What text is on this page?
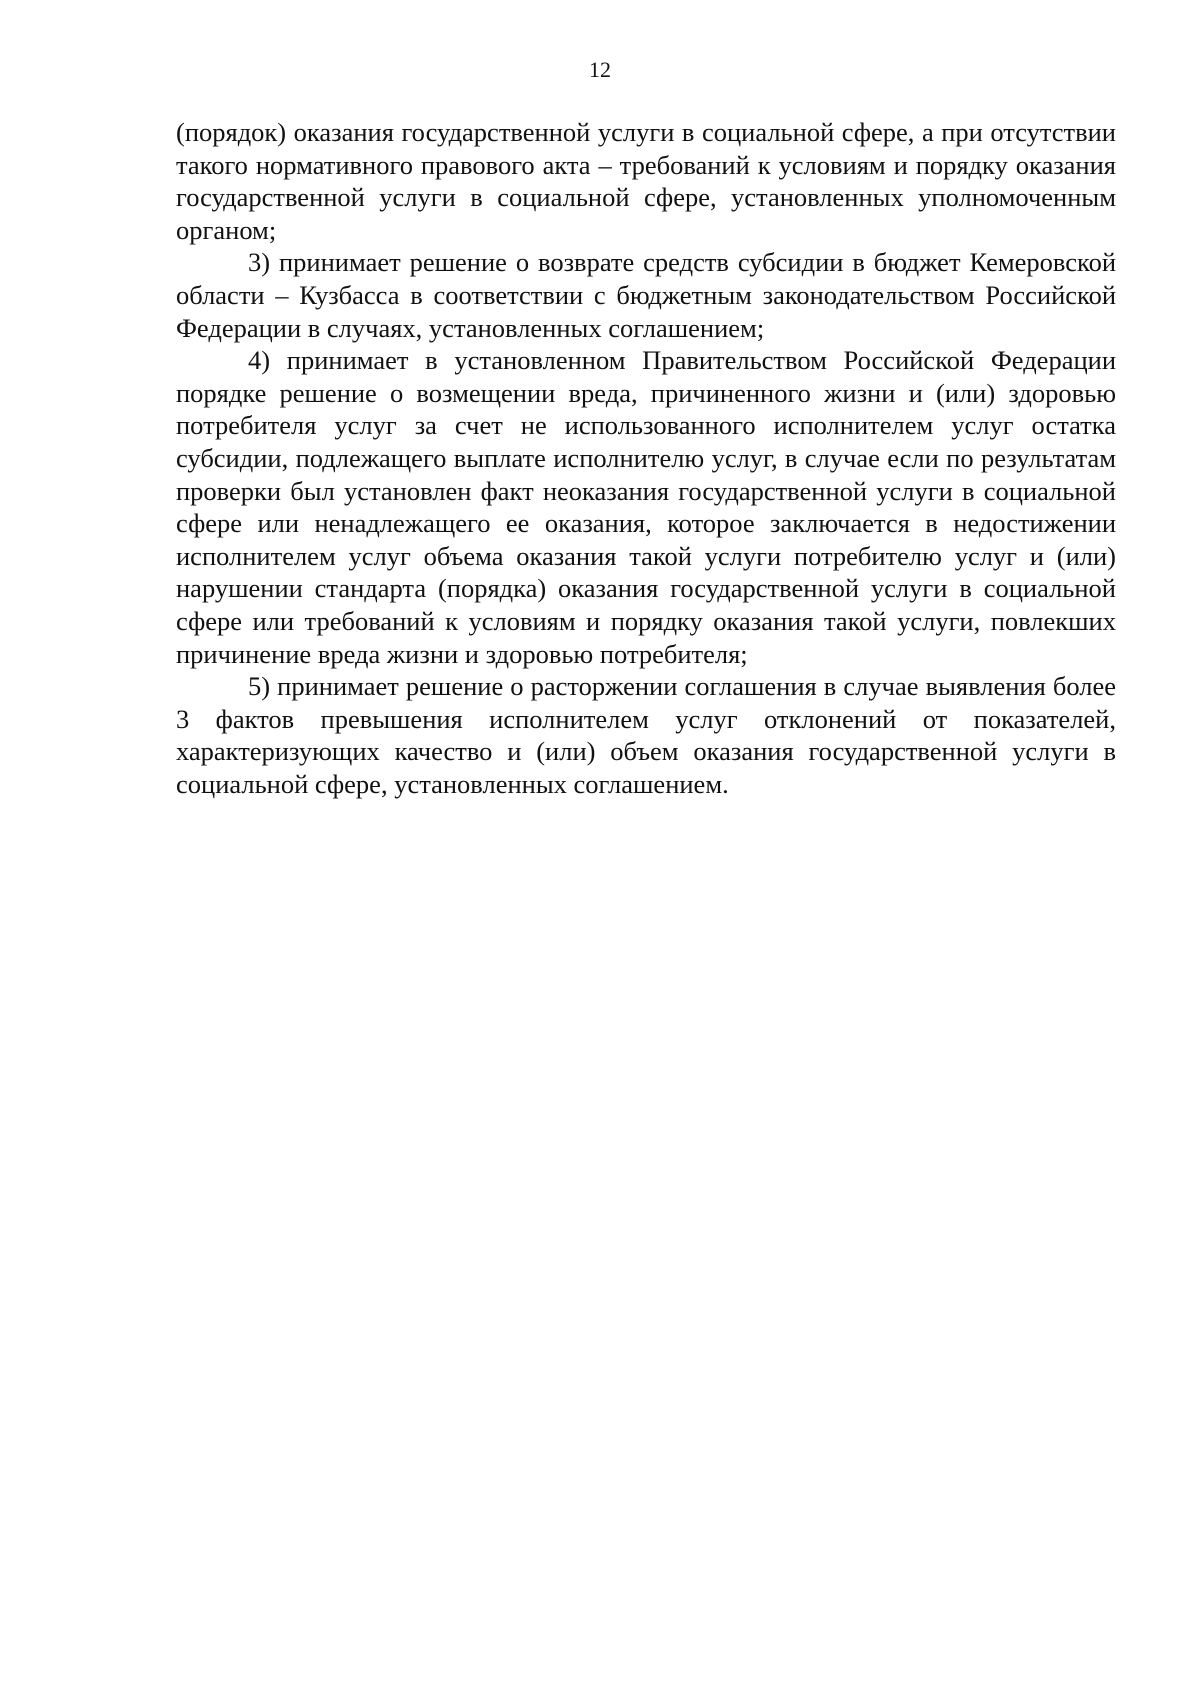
12

(порядок) оказания государственной услуги в социальной сфере, а при отсутствии такого нормативного правового акта – требований к условиям и порядку оказания государственной услуги в социальной сфере, установленных уполномоченным органом;

3) принимает решение о возврате средств субсидии в бюджет Кемеровской области – Кузбасса в соответствии с бюджетным законодательством Российской Федерации в случаях, установленных соглашением;

4) принимает в установленном Правительством Российской Федерации порядке решение о возмещении вреда, причиненного жизни и (или) здоровью потребителя услуг за счет не использованного исполнителем услуг остатка субсидии, подлежащего выплате исполнителю услуг, в случае если по результатам проверки был установлен факт неоказания государственной услуги в социальной сфере или ненадлежащего ее оказания, которое заключается в недостижении исполнителем услуг объема оказания такой услуги потребителю услуг и (или) нарушении стандарта (порядка) оказания государственной услуги в социальной сфере или требований к условиям и порядку оказания такой услуги, повлекших причинение вреда жизни и здоровью потребителя;

5) принимает решение о расторжении соглашения в случае выявления более 3 фактов превышения исполнителем услуг отклонений от показателей, характеризующих качество и (или) объем оказания государственной услуги в социальной сфере, установленных соглашением.
